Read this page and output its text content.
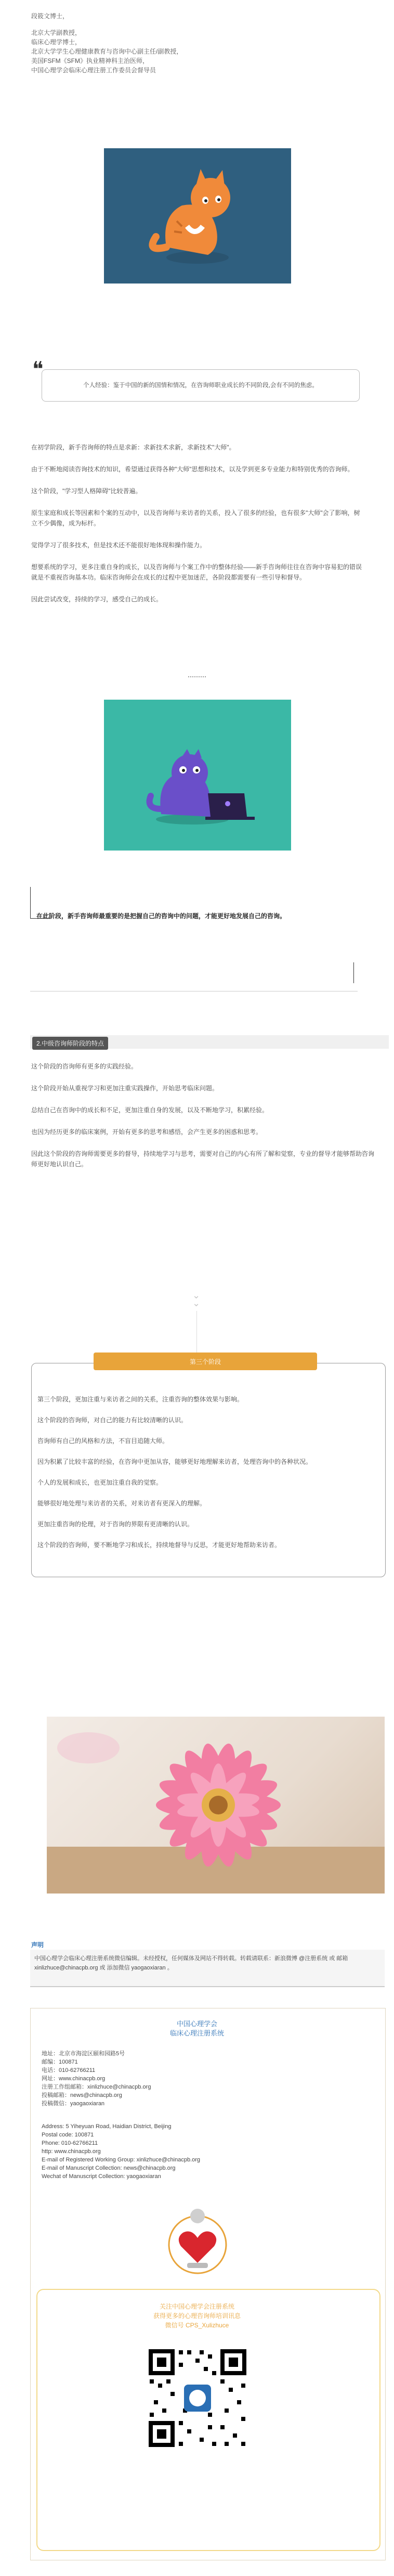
段筱文博士，

北京大学副教授，

临床心理学博士，

北京大学学生心理健康教育与咨询中心副主任/副教授，

美国FSFM《SFM》执业精神科主治医师，

中国心理学会临床心理注册工作委员会督导员

❝
个人经验：鉴于中国的新的国情和情况，在咨询师职业成长的不同阶段,会有不同的焦虑。

在初学阶段，新手咨询师的特点是求新：求新技术求新，求新技术"大师"。

由于不断地阅读咨询技术的知识，希望通过获得各种"大师"思想和技术，以及学到更多专业能力和特别优秀的咨询师。

这个阶段，"学习型人格障碍"比较普遍。

原生家庭和成长等因素和个案的互动中，以及咨询师与来访者的关系，投入了很多的经验，也有很多"大师"会了影响，树立不少偶像，成为标杆。

觉得学习了很多技术，但是技术还不能很好地体现和操作能力。

想要系统的学习，更多注重自身的成长，以及咨询师与个案工作中的整体经验——新手咨询师往往在咨询中容易犯的错误就是不重视咨询基本功。临床咨询师会在成长的过程中更加迷茫，各阶段都需要有一些引导和督导。

因此尝试改变，持续的学习，感受自己的成长。

在此阶段，新手咨询师最重要的是把握自己的咨询中的问题，才能更好地发展自己的咨询。
2.中级咨询师阶段的特点

这个阶段的咨询师有更多的实践经验。

这个阶段开始从重视学习和更加注重实践操作，开始思考临床问题。

总结自己在咨询中的成长和不足，更加注重自身的发展，以及不断地学习，积累经验。

也因为经历更多的临床案例，开始有更多的思考和感悟，会产生更多的困惑和思考。

因此这个阶段的咨询师需要更多的督导，持续地学习与思考，需要对自己的内心有所了解和觉察，专业的督导才能够帮助咨询师更好地认识自己。

⌄
⌄
第三个阶段

第三个阶段，更加注重与来访者之间的关系，注重咨询的整体效果与影响。

这个阶段的咨询师，对自己的能力有比较清晰的认识。

咨询师有自己的风格和方法，不盲目追随大师。

因为积累了比较丰富的经验，在咨询中更加从容，能够更好地理解来访者，处理咨询中的各种状况。

个人的发展和成长，也更加注重自我的觉察。

能够很好地处理与来访者的关系，对来访者有更深入的理解。

更加注重咨询的伦理，对于咨询的界限有更清晰的认识。

这个阶段的咨询师，要不断地学习和成长，持续地督导与反思，才能更好地帮助来访者。

声明

中国心理学会临床心理注册系统微信编辑。未经授权，任何媒体及网站不得转载。转载请联系：新浪微博 @注册系统 或 邮箱 xinlizhuce@chinacpb.org 或 添加微信 yaogaoxiaran 。

中国心理学会
临床心理注册系统

地址：北京市海淀区颐和园路5号

邮编：100871

电话：010-62766211

网址：www.chinacpb.org

注册工作组邮箱：xinlizhuce@chinacpb.org

投稿邮箱：news@chinacpb.org

投稿微信：yaogaoxiaran

Address: 5 Yiheyuan Road, Haidian District, Beijing

Postal code: 100871

Phone: 010-62766211

http: www.chinacpb.org

E-mail of Registered Working Group: xinlizhuce@chinacpb.org

E-mail of Manuscript Collection: news@chinacpb.org

Wechat of Manuscript Collection: yaogaoxiaran

关注中国心理学会注册系统
获得更多的心理咨询师培训讯息
微信号 CPS_Xulizhuce
